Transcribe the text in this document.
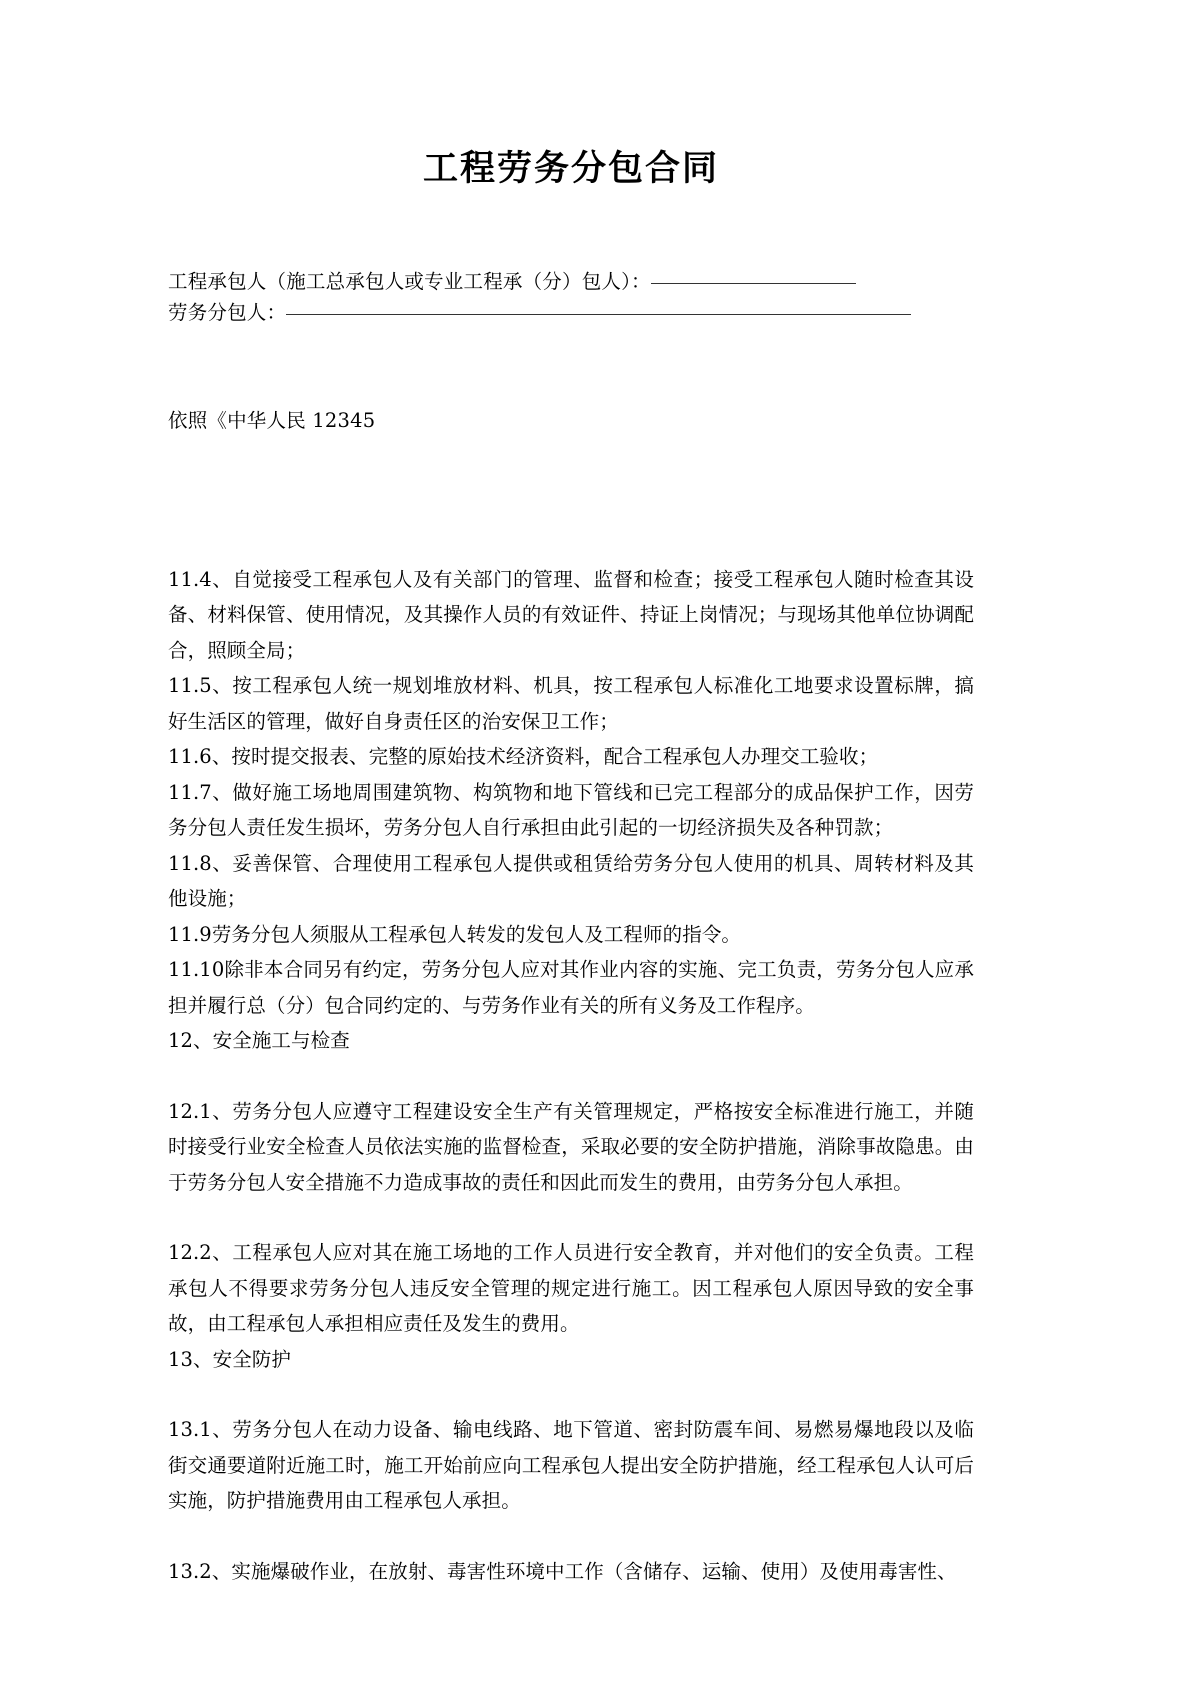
工程劳务分包合同
工程承包人（施工总承包人或专业工程承（分）包人）：
劳务分包人：
依照《中华人民 12345

11.4、自觉接受工程承包人及有关部门的管理、监督和检查；接受工程承包人随时检查其设备、材料保管、使用情况，及其操作人员的有效证件、持证上岗情况；与现场其他单位协调配合，照顾全局；

11.5、按工程承包人统一规划堆放材料、机具，按工程承包人标准化工地要求设置标牌，搞好生活区的管理，做好自身责任区的治安保卫工作；

11.6、按时提交报表、完整的原始技术经济资料，配合工程承包人办理交工验收；

11.7、做好施工场地周围建筑物、构筑物和地下管线和已完工程部分的成品保护工作，因劳务分包人责任发生损坏，劳务分包人自行承担由此引起的一切经济损失及各种罚款；

11.8、妥善保管、合理使用工程承包人提供或租赁给劳务分包人使用的机具、周转材料及其他设施；

11.9劳务分包人须服从工程承包人转发的发包人及工程师的指令。

11.10除非本合同另有约定，劳务分包人应对其作业内容的实施、完工负责，劳务分包人应承担并履行总（分）包合同约定的、与劳务作业有关的所有义务及工作程序。

12、安全施工与检查

12.1、劳务分包人应遵守工程建设安全生产有关管理规定，严格按安全标准进行施工，并随时接受行业安全检查人员依法实施的监督检查，采取必要的安全防护措施，消除事故隐患。由于劳务分包人安全措施不力造成事故的责任和因此而发生的费用，由劳务分包人承担。

12.2、工程承包人应对其在施工场地的工作人员进行安全教育，并对他们的安全负责。工程承包人不得要求劳务分包人违反安全管理的规定进行施工。因工程承包人原因导致的安全事故，由工程承包人承担相应责任及发生的费用。

13、安全防护

13.1、劳务分包人在动力设备、输电线路、地下管道、密封防震车间、易燃易爆地段以及临街交通要道附近施工时，施工开始前应向工程承包人提出安全防护措施，经工程承包人认可后实施，防护措施费用由工程承包人承担。

13.2、实施爆破作业，在放射、毒害性环境中工作（含储存、运输、使用）及使用毒害性、
